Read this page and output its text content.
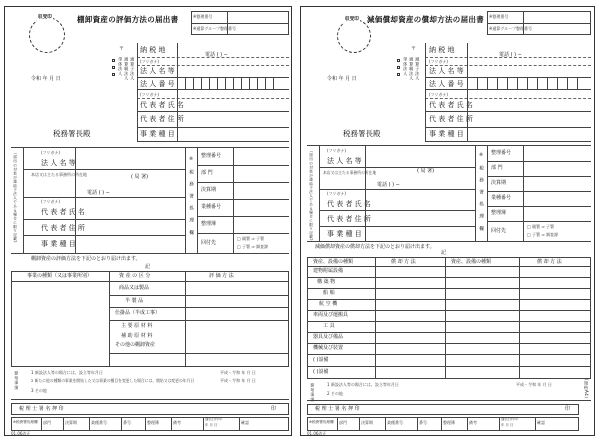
収受印	棚卸資産の評価方法の届出書	※整理番号
※通算グループ整理番号
単体法人 通算親法人 通算子法人
〒 納 税 地
電話 ( ) −
(フリガナ)
法 人 名 等
法 人 番 号
(フリガナ)
代 表 者 氏 名
代 表 者 住 所
事 業 種 目
令和 年 月 日
税務署長殿
(届出の対象が連結子法人である場合に限り記載)
(フリガナ)
法 人 名 等
本店又は主たる事務所の所在地	( 局 署)
電話 ( ) −
(フリガナ)
代 表 者 氏 名
代 表 者 住 所
事 業 種 目
※ 税 務 署 処 理 欄
整理番号
部 門
決算期
業種番号
整理簿
回付先
□ 親署 ⇒ 子署
□ 子署 ⇒ 調査課
棚卸資産の評価方法を下記のとおり届け出ます。
記
事業の種類（又は事業所別）	資 産 の 区 分	評 価 方 法
商品又は製品
半 製 品
仕掛品（半成工事）
主 要 原 材 料
補 助 原 材 料
その他の棚卸資産
参考事項	1 新設法人等の場合には、設立等年月日	平成・令和 年 月 日
2 新たに他の種類の事業を開始した又は事業の種目を変更した場合には、開始又は変更の年月日	平成・令和 年 月 日
3 その他
税 理 士 署 名 押 印	印
※税務署処理欄 部門	決算期	業種番号	番号	整理簿	備考
通信日付印
年 月 日	確認
01.06改正
収受印 減価償却資産の償却方法の届出書 ※整理番号
※通算グループ整理番号
単体法人 通算親法人 通算子法人
〒 納 税 地
電話 ( ) −
(フリガナ)
法 人 名 等
法 人 番 号
(フリガナ)
代 表 者 氏 名
代 表 者 住 所
事 業 種 目
令和 年 月 日
税務署長殿
(届出の対象が連結子法人である場合に限り記載)
(フリガナ)
法 人 名 等
本店又は主たる事務所の所在地	( 局 署)
電話 ( ) −
(フリガナ)
代 表 者 氏 名
代 表 者 住 所
事 業 種 目
※ 税 務 署 処 理 欄 整理番号
部 門
決算期
業種番号
整理簿
回付先
□ 親署 ⇒ 子署
□ 子署 ⇒ 調査課
減価償却資産の償却方法を下記のとおり届け出ます。
記
資産、設備の種類	償 却 方 法	資産、設備の種類	償 却 方 法
建物附属設備
構 築 物
船 舶
航 空 機
車両及び運搬具
工 具
器具及び備品
機械及び装置
( )設備
( )設備
参考事項	1 新設法人等の場合には、設立等年月日	平成・令和 年 月 日
2 その他
税 理 士 署 名 押 印	印
※税務署処理欄 部門	決算期	業種番号	番号	整理簿	備考
通信日付印
年 月 日	確認
(規格A4)
01.06改正
